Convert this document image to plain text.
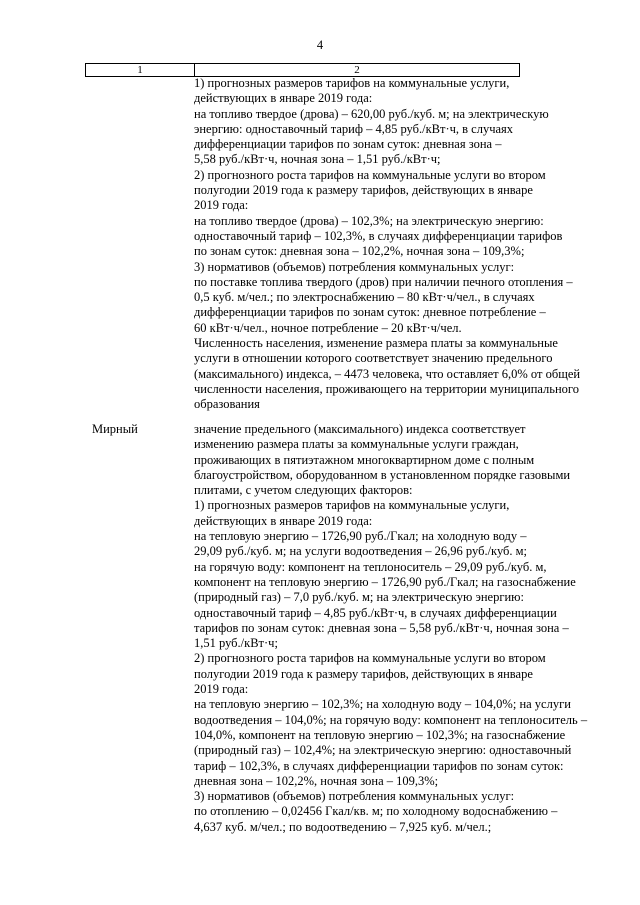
4
1	2
1) прогнозных размеров тарифов на коммунальные услуги,
действующих в январе 2019 года:
на топливо твердое (дрова) – 620,00 руб./куб. м; на электрическую
энергию: одноставочный тариф – 4,85 руб./кВт·ч, в случаях
дифференциации тарифов по зонам суток: дневная зона –
5,58 руб./кВт·ч, ночная зона – 1,51 руб./кВт·ч;
2) прогнозного роста тарифов на коммунальные услуги во втором
полугодии 2019 года к размеру тарифов, действующих в январе
2019 года:
на топливо твердое (дрова) – 102,3%; на электрическую энергию:
одноставочный тариф – 102,3%, в случаях дифференциации тарифов
по зонам суток: дневная зона – 102,2%, ночная зона – 109,3%;
3) нормативов (объемов) потребления коммунальных услуг:
по поставке топлива твердого (дров) при наличии печного отопления –
0,5 куб. м/чел.; по электроснабжению – 80 кВт·ч/чел., в случаях
дифференциации тарифов по зонам суток: дневное потребление –
60 кВт·ч/чел., ночное потребление – 20 кВт·ч/чел.
Численность населения, изменение размера платы за коммунальные
услуги в отношении которого соответствует значению предельного
(максимального) индекса, – 4473 человека, что оставляет 6,0% от общей
численности населения, проживающего на территории муниципального
образования
Мирный	значение предельного (максимального) индекса соответствует
изменению размера платы за коммунальные услуги граждан,
проживающих в пятиэтажном многоквартирном доме с полным
благоустройством, оборудованном в установленном порядке газовыми
плитами, с учетом следующих факторов:
1) прогнозных размеров тарифов на коммунальные услуги,
действующих в январе 2019 года:
на тепловую энергию – 1726,90 руб./Гкал; на холодную воду –
29,09 руб./куб. м; на услуги водоотведения – 26,96 руб./куб. м;
на горячую воду: компонент на теплоноситель – 29,09 руб./куб. м,
компонент на тепловую энергию – 1726,90 руб./Гкал; на газоснабжение
(природный газ) – 7,0 руб./куб. м; на электрическую энергию:
одноставочный тариф – 4,85 руб./кВт·ч, в случаях дифференциации
тарифов по зонам суток: дневная зона – 5,58 руб./кВт·ч, ночная зона –
1,51 руб./кВт·ч;
2) прогнозного роста тарифов на коммунальные услуги во втором
полугодии 2019 года к размеру тарифов, действующих в январе
2019 года:
на тепловую энергию – 102,3%; на холодную воду – 104,0%; на услуги
водоотведения – 104,0%; на горячую воду: компонент на теплоноситель –
104,0%, компонент на тепловую энергию – 102,3%; на газоснабжение
(природный газ) – 102,4%; на электрическую энергию: одноставочный
тариф – 102,3%, в случаях дифференциации тарифов по зонам суток:
дневная зона – 102,2%, ночная зона – 109,3%;
3) нормативов (объемов) потребления коммунальных услуг:
по отоплению – 0,02456 Гкал/кв. м; по холодному водоснабжению –
4,637 куб. м/чел.; по водоотведению – 7,925 куб. м/чел.;
